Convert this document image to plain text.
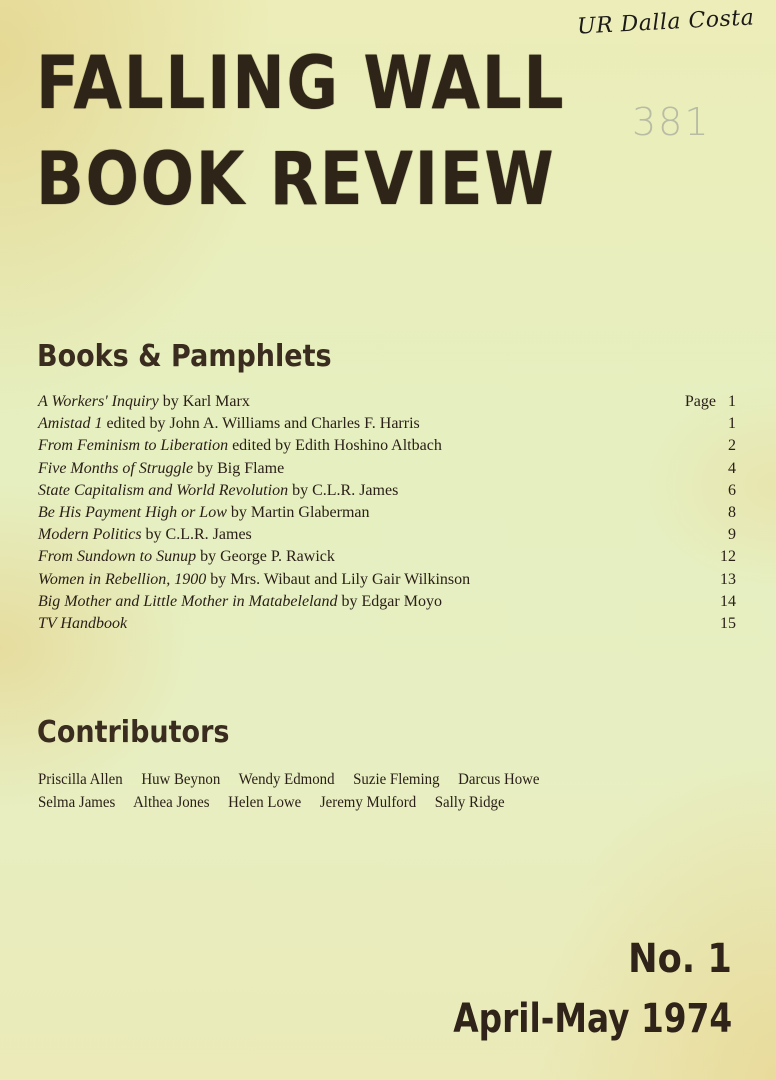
FALLING WALL
BOOK REVIEW
UR Dalla Costa
381
Books & Pamphlets
A Workers' Inquiry by Karl Marx	Page 1
Amistad 1 edited by John A. Williams and Charles F. Harris	1
From Feminism to Liberation edited by Edith Hoshino Altbach	2
Five Months of Struggle by Big Flame	4
State Capitalism and World Revolution by C.L.R. James	6
Be His Payment High or Low by Martin Glaberman	8
Modern Politics by C.L.R. James	9
From Sundown to Sunup by George P. Rawick	12
Women in Rebellion, 1900 by Mrs. Wibaut and Lily Gair Wilkinson	13
Big Mother and Little Mother in Matabeleland by Edgar Moyo	14
TV Handbook	15
Contributors
Priscilla Allen Huw Beynon Wendy Edmond Suzie Fleming Darcus Howe
Selma James Althea Jones Helen Lowe Jeremy Mulford Sally Ridge
No. 1
April-May 1974
